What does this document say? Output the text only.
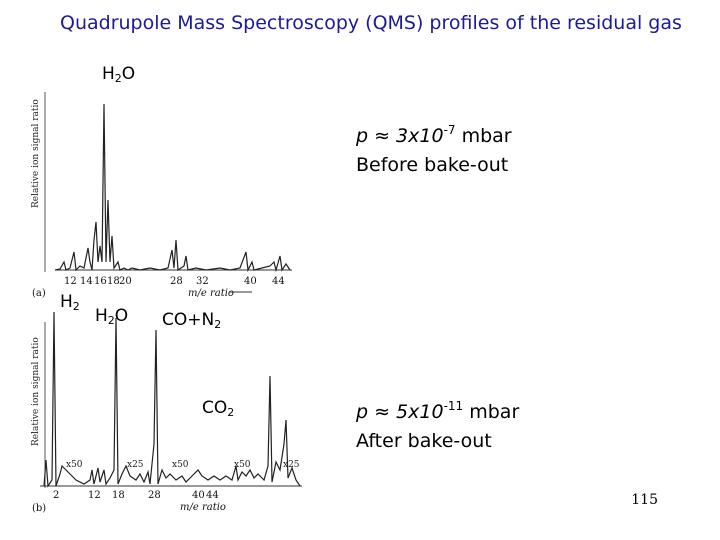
Quadrupole Mass Spectroscopy (QMS) profiles of the residual gas
$H_2O$
$H_2$ $H_2O$ $CO+N_2$
$CO_2$
$p \approx 3x10^{-7}$ mbar
Before bake-out
$p \approx 5x10^{-11}$ mbar
After bake-out
115
Relative ion signal ratio
12 14 16 18 20	28 32	40 44
(a)	m/e ratio
Relative ion signal ratio
x50	x25	x50	x50	x25
2	12 18 28	40 44
(b)	m/e ratio
